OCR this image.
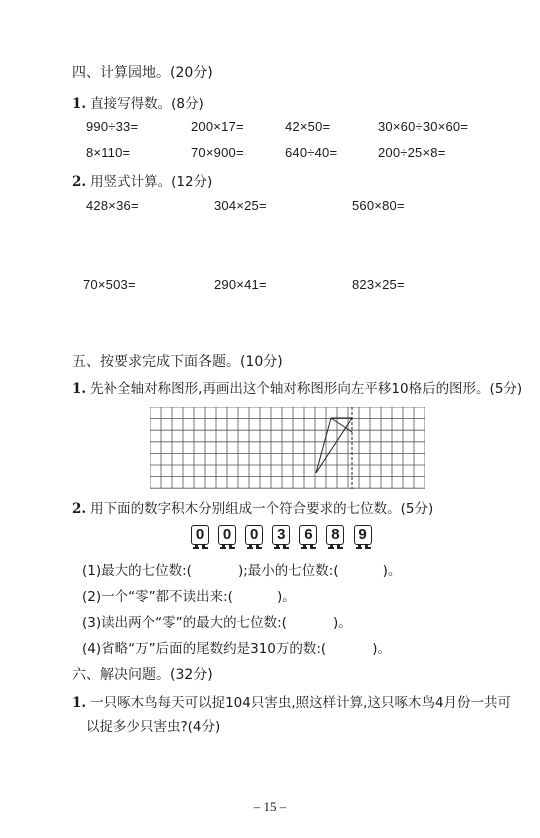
四、计算园地。(20分)
1. 直接写得数。(8分)
990÷33=	200×17=	42×50=	30×60÷30×60=
8×110=	70×900=	640÷40=	200÷25×8=
2. 用竖式计算。(12分)
428×36=	304×25=	560×80=
70×503=	290×41=	823×25=
五、按要求完成下面各题。(10分)
1. 先补全轴对称图形,再画出这个轴对称图形向左平移10格后的图形。(5分)
2. 用下面的数字积木分别组成一个符合要求的七位数。(5分)
0
	0
	0
	3
	6
	8
	9
(1)最大的七位数:(	);最小的七位数:(	)。
(2)一个“零”都不读出来:(	)。
(3)读出两个“零”的最大的七位数:(	)。
(4)省略“万”后面的尾数约是310万的数:(	)。
六、解决问题。(32分)
1. 一只啄木鸟每天可以捉104只害虫,照这样计算,这只啄木鸟4月份一共可
以捉多少只害虫?(4分)
– 15 –
